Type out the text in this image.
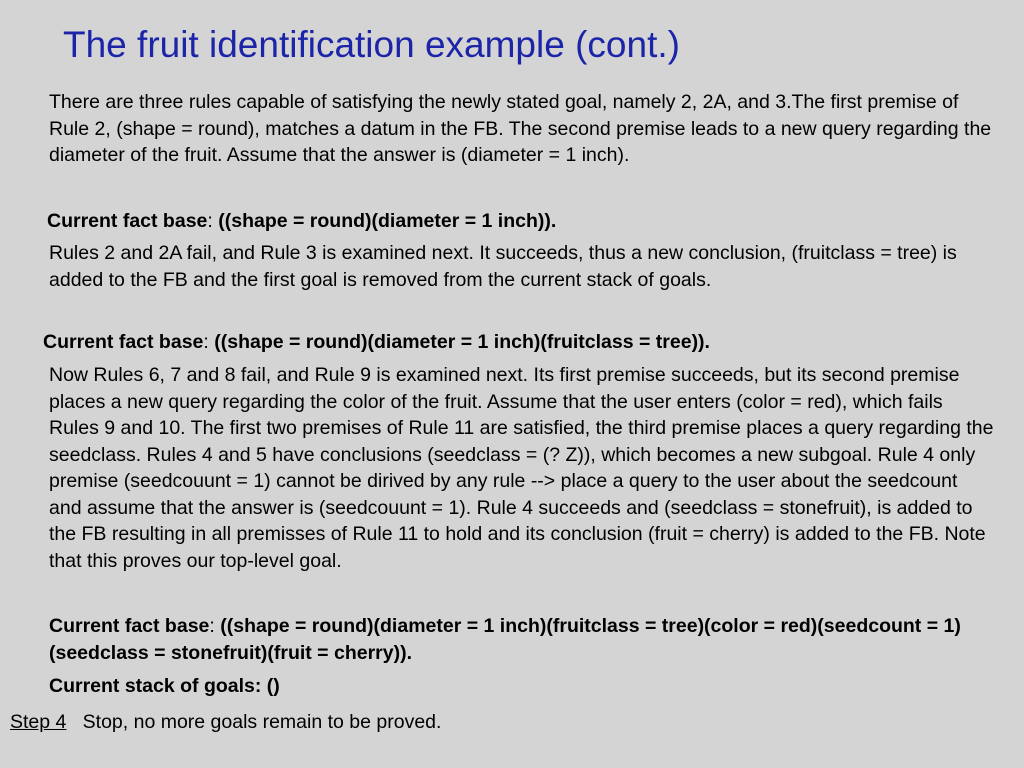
The fruit identification example (cont.)

There are three rules capable of satisfying the newly stated goal, namely 2, 2A, and 3.The first premise of Rule 2, (shape = round), matches a datum in the FB. The second premise leads to a new query regarding the diameter of the fruit. Assume that the answer is (diameter = 1 inch).

Current fact base: ((shape = round)(diameter = 1 inch)).

Rules 2 and 2A fail, and Rule 3 is examined next. It succeeds, thus a new conclusion, (fruitclass = tree) is added to the FB and the first goal is removed from the current stack of goals.

Current fact base: ((shape = round)(diameter = 1 inch)(fruitclass = tree)).

Now Rules 6, 7 and 8 fail, and Rule 9 is examined next. Its first premise succeeds, but its second premise places a new query regarding the color of the fruit. Assume that the user enters (color = red), which fails Rules 9 and 10. The first two premises of Rule 11 are satisfied, the third premise places a query regarding the seedclass. Rules 4 and 5 have conclusions (seedclass = (? Z)), which becomes a new subgoal. Rule 4 only premise (seedcouunt = 1) cannot be dirived by any rule --> place a query to the user about the seedcount and assume that the answer is (seedcouunt = 1). Rule 4 succeeds and (seedclass = stonefruit), is added to the FB resulting in all premisses of Rule 11 to hold and its conclusion (fruit = cherry) is added to the FB. Note that this proves our top-level goal.

Current fact base: ((shape = round)(diameter = 1 inch)(fruitclass = tree)(color = red)(seedcount = 1)(seedclass = stonefruit)(fruit = cherry)).

Current stack of goals: ()

Step 4 Stop, no more goals remain to be proved.
